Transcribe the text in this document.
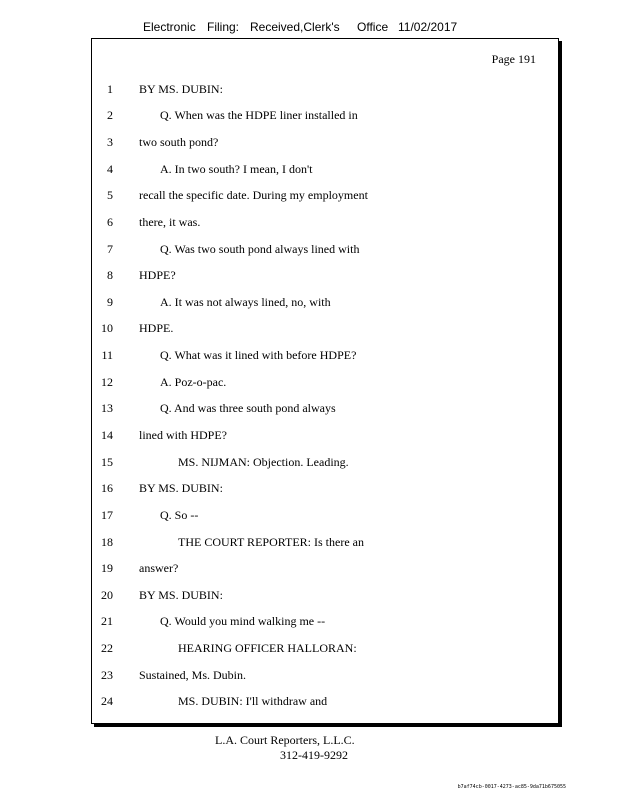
Electronic Filing: Received,Clerk's Office 11/02/2017
Page 191
1 BY MS. DUBIN:
2	Q. When was the HDPE liner installed in
3 two south pond?
4	A. In two south? I mean, I don't
5 recall the specific date. During my employment
6 there, it was.
7	Q. Was two south pond always lined with
8 HDPE?
9	A. It was not always lined, no, with
10 HDPE.
11	Q. What was it lined with before HDPE?
12	A. Poz-o-pac.
13	Q. And was three south pond always
14 lined with HDPE?
15	MS. NIJMAN: Objection. Leading.
16 BY MS. DUBIN:
17	Q. So --
18	THE COURT REPORTER: Is there an
19 answer?
20 BY MS. DUBIN:
21	Q. Would you mind walking me --
22	HEARING OFFICER HALLORAN:
23 Sustained, Ms. Dubin.
24	MS. DUBIN: I'll withdraw and
L.A. Court Reporters, L.L.C.
312-419-9292
b7af74cb-0017-4273-ac85-9da71b675055
